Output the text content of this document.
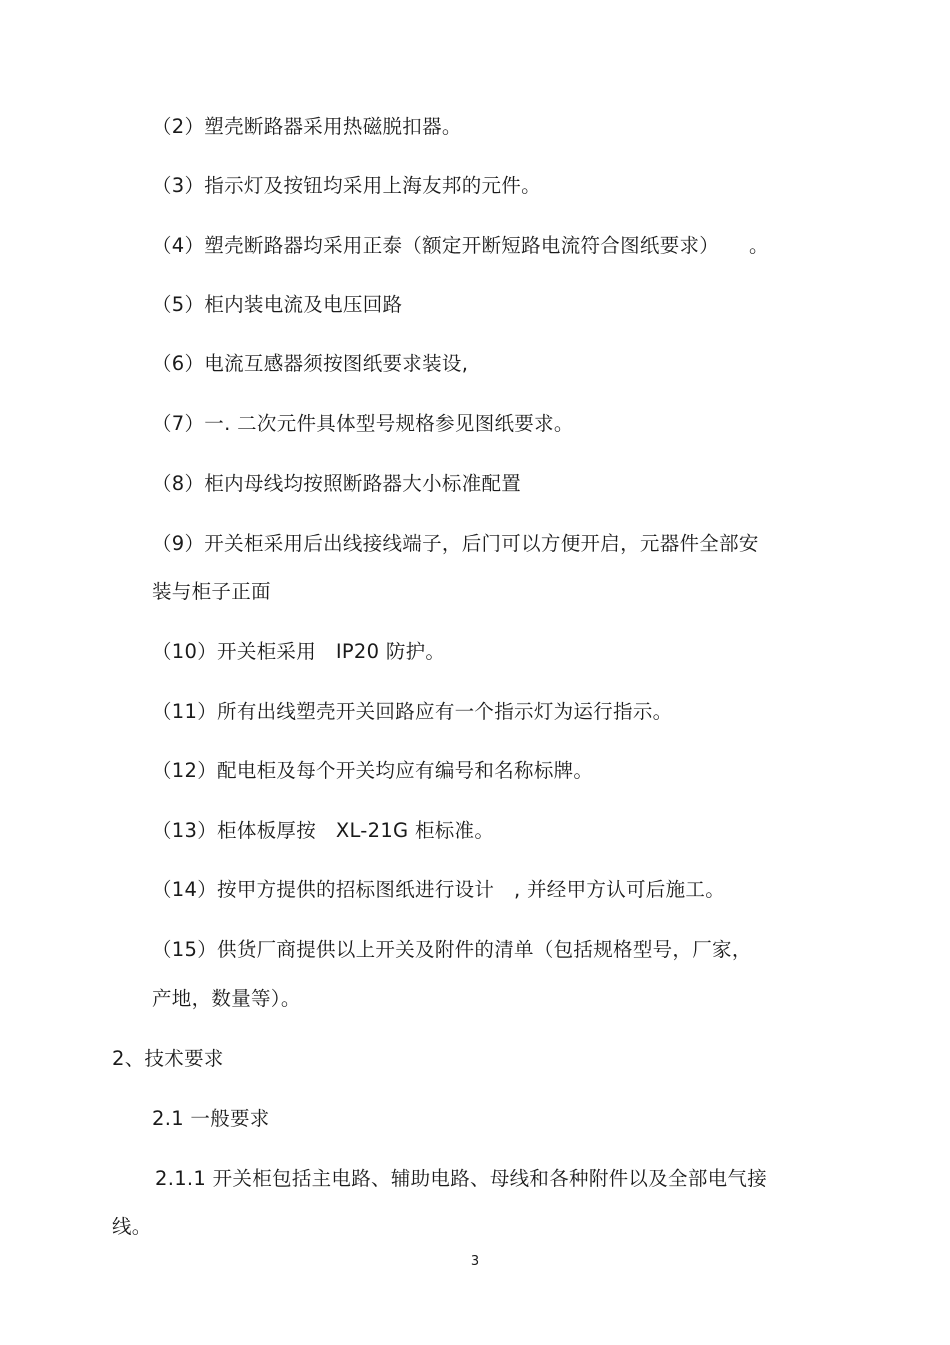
（2）塑壳断路器采用热磁脱扣器。
（3）指示灯及按钮均采用上海友邦的元件。
（4）塑壳断路器均采用正泰（额定开断短路电流符合图纸要求）　　。
（5）柜内装电流及电压回路
（6）电流互感器须按图纸要求装设,
（7）一. 二次元件具体型号规格参见图纸要求。
（8）柜内母线均按照断路器大小标准配置
（9）开关柜采用后出线接线端子，后门可以方便开启，元器件全部安
装与柜子正面
（10）开关柜采用　IP20 防护。
（11）所有出线塑壳开关回路应有一个指示灯为运行指示。
（12）配电柜及每个开关均应有编号和名称标牌。
（13）柜体板厚按　XL-21G 柜标准。
（14）按甲方提供的招标图纸进行设计　, 并经甲方认可后施工。
（15）供货厂商提供以上开关及附件的清单（包括规格型号，厂家，
产地，数量等）。
2、技术要求
2.1 一般要求
2.1.1 开关柜包括主电路、辅助电路、母线和各种附件以及全部电气接
线。
3
